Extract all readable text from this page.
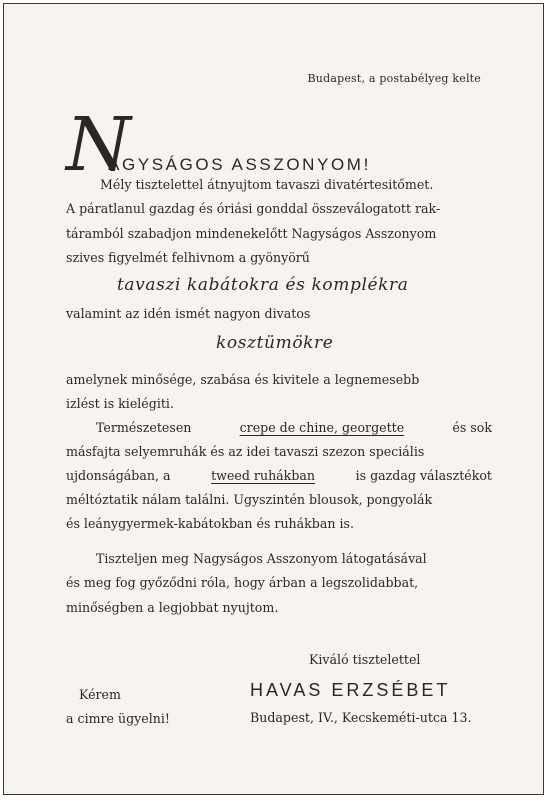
Budapest, a postabélyeg kelte
N
AGYSÁGOS ASSZONYOM!
Mély tisztelettel átnyujtom tavaszi divatértesitőmet.
A páratlanul gazdag és óriási gonddal összeválogatott rak-
táramból szabadjon mindenekelőtt Nagyságos Asszonyom
szives figyelmét felhivnom a gyönyörű
tavaszi kabátokra és komplékra
valamint az idén ismét nagyon divatos
kosztümökre
amelynek minősége, szabása és kivitele a legnemesebb
izlést is kielégiti.
Természetesen	crepe de chine, georgette	és sok
másfajta selyemruhák és az idei tavaszi szezon speciális
ujdonságában, a	tweed ruhákban	is gazdag választékot
méltóztatik nálam találni. Ugyszintén blousok, pongyolák
és leánygyermek-kabátokban és ruhákban is.
Tiszteljen meg Nagyságos Asszonyom látogatásával
és meg fog győződni róla, hogy árban a legszolidabbat,
minőségben a legjobbat nyujtom.
Kiváló tisztelettel
Kérem
a cimre ügyelni!
HAVAS ERZSÉBET
Budapest, IV., Kecskeméti-utca 13.
